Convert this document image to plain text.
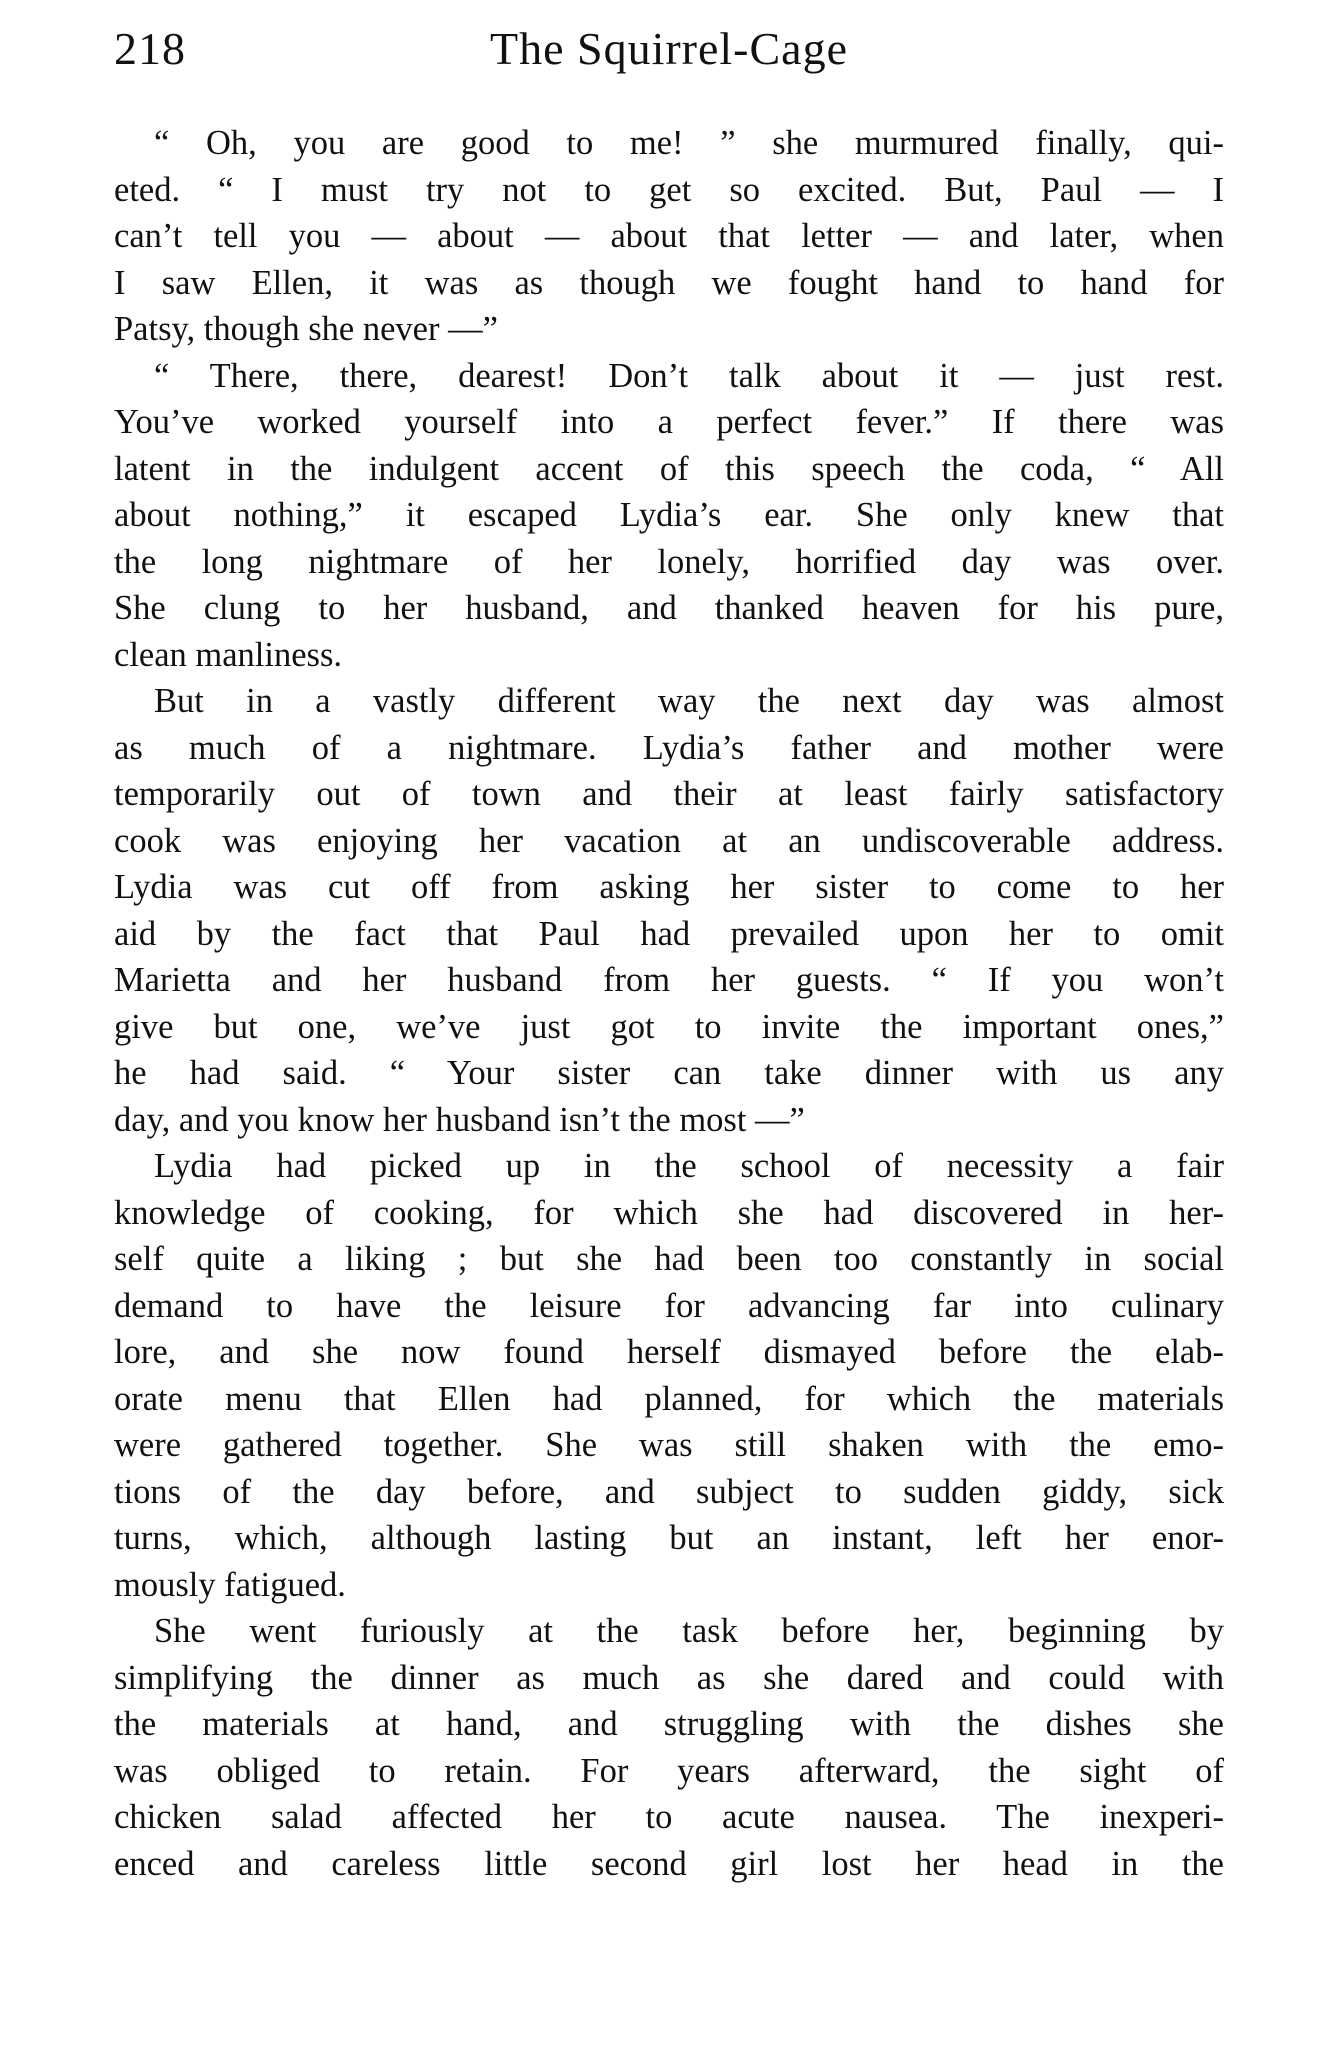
218	The Squirrel-Cage
“ Oh, you are good to me! ” she murmured finally, qui-
eted. “ I must try not to get so excited. But, Paul — I
can’t tell you — about — about that letter — and later, when
I saw Ellen, it was as though we fought hand to hand for
Patsy, though she never —”
“ There, there, dearest! Don’t talk about it — just rest.
You’ve worked yourself into a perfect fever.” If there was
latent in the indulgent accent of this speech the coda, “ All
about nothing,” it escaped Lydia’s ear. She only knew that
the long nightmare of her lonely, horrified day was over.
She clung to her husband, and thanked heaven for his pure,
clean manliness.
But in a vastly different way the next day was almost
as much of a nightmare. Lydia’s father and mother were
temporarily out of town and their at least fairly satisfactory
cook was enjoying her vacation at an undiscoverable address.
Lydia was cut off from asking her sister to come to her
aid by the fact that Paul had prevailed upon her to omit
Marietta and her husband from her guests. “ If you won’t
give but one, we’ve just got to invite the important ones,”
he had said. “ Your sister can take dinner with us any
day, and you know her husband isn’t the most —”
Lydia had picked up in the school of necessity a fair
knowledge of cooking, for which she had discovered in her-
self quite a liking ; but she had been too constantly in social
demand to have the leisure for advancing far into culinary
lore, and she now found herself dismayed before the elab-
orate menu that Ellen had planned, for which the materials
were gathered together. She was still shaken with the emo-
tions of the day before, and subject to sudden giddy, sick
turns, which, although lasting but an instant, left her enor-
mously fatigued.
She went furiously at the task before her, beginning by
simplifying the dinner as much as she dared and could with
the materials at hand, and struggling with the dishes she
was obliged to retain. For years afterward, the sight of
chicken salad affected her to acute nausea. The inexperi-
enced and careless little second girl lost her head in the
